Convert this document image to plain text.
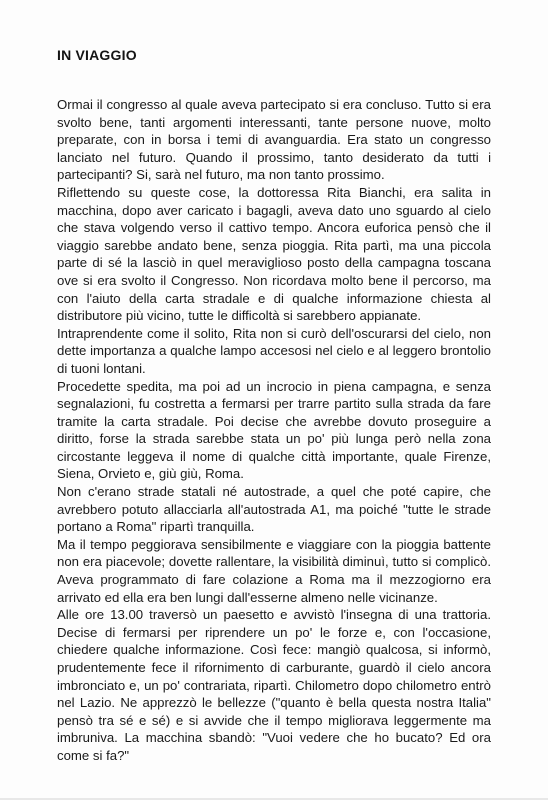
IN VIAGGIO

Ormai il congresso al quale aveva partecipato si era concluso. Tutto si era svolto bene, tanti argomenti interessanti, tante persone nuove, molto preparate, con in borsa i temi di avanguardia. Era stato un congresso lanciato nel futuro. Quando il prossimo, tanto desiderato da tutti i partecipanti? Si, sarà nel futuro, ma non tanto prossimo.

Riflettendo su queste cose, la dottoressa Rita Bianchi, era salita in macchina, dopo aver caricato i bagagli, aveva dato uno sguardo al cielo che stava volgendo verso il cattivo tempo. Ancora euforica pensò che il viaggio sarebbe andato bene, senza pioggia. Rita partì, ma una piccola parte di sé la lasciò in quel meraviglioso posto della campagna toscana ove si era svolto il Congresso. Non ricordava molto bene il percorso, ma con l'aiuto della carta stradale e di qualche informazione chiesta al distributore più vicino, tutte le difficoltà si sarebbero appianate.

Intraprendente come il solito, Rita non si curò dell'oscurarsi del cielo, non dette importanza a qualche lampo accesosi nel cielo e al leggero brontolio di tuoni lontani.

Procedette spedita, ma poi ad un incrocio in piena campagna, e senza segnalazioni, fu costretta a fermarsi per trarre partito sulla strada da fare tramite la carta stradale. Poi decise che avrebbe dovuto proseguire a diritto, forse la strada sarebbe stata un po' più lunga però nella zona circostante leggeva il nome di qualche città importante, quale Firenze, Siena, Orvieto e, giù giù, Roma.

Non c'erano strade statali né autostrade, a quel che poté capire, che avrebbero potuto allacciarla all'autostrada A1, ma poiché "tutte le strade portano a Roma" ripartì tranquilla.

Ma il tempo peggiorava sensibilmente e viaggiare con la pioggia battente non era piacevole; dovette rallentare, la visibilità diminuì, tutto si complicò. Aveva programmato di fare colazione a Roma ma il mezzogiorno era arrivato ed ella era ben lungi dall'esserne almeno nelle vicinanze.

Alle ore 13.00 traversò un paesetto e avvistò l'insegna di una trattoria. Decise di fermarsi per riprendere un po' le forze e, con l'occasione, chiedere qualche informazione. Così fece: mangiò qualcosa, si informò, prudentemente fece il rifornimento di carburante, guardò il cielo ancora imbronciato e, un po' contrariata, ripartì. Chilometro dopo chilometro entrò nel Lazio. Ne apprezzò le bellezze ("quanto è bella questa nostra Italia" pensò tra sé e sé) e si avvide che il tempo migliorava leggermente ma imbruniva. La macchina sbandò: "Vuoi vedere che ho bucato? Ed ora come si fa?"
